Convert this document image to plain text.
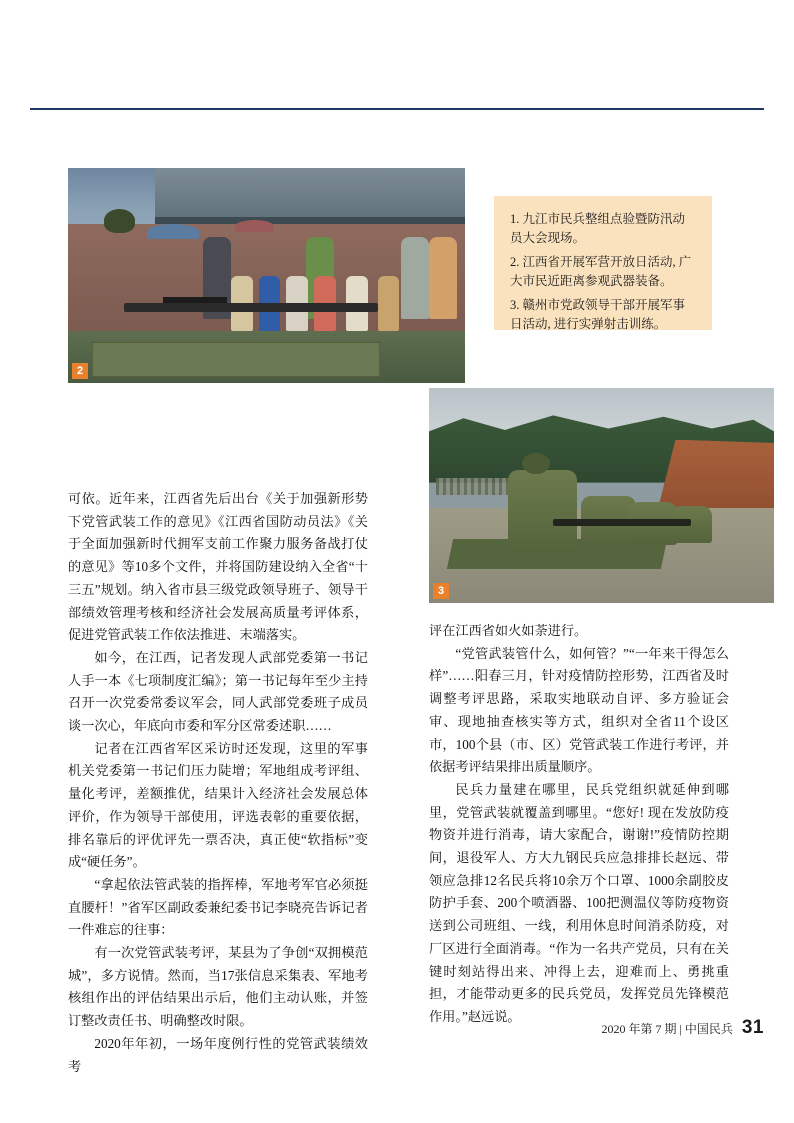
2

1. 九江市民兵整组点验暨防汛动员大会现场。

2. 江西省开展军营开放日活动, 广大市民近距离参观武器装备。

3. 赣州市党政领导干部开展军事日活动, 进行实弹射击训练。

3

可依。近年来，江西省先后出台《关于加强新形势下党管武装工作的意见》《江西省国防动员法》《关于全面加强新时代拥军支前工作聚力服务备战打仗的意见》等10多个文件，并将国防建设纳入全省“十三五”规划。纳入省市县三级党政领导班子、领导干部绩效管理考核和经济社会发展高质量考评体系，促进党管武装工作依法推进、末端落实。

如今，在江西，记者发现人武部党委第一书记人手一本《七项制度汇编》；第一书记每年至少主持召开一次党委常委议军会，同人武部党委班子成员谈一次心，年底向市委和军分区常委述职……

记者在江西省军区采访时还发现，这里的军事机关党委第一书记们压力陡增；军地组成考评组、量化考评，差额推优，结果计入经济社会发展总体评价，作为领导干部使用，评选表彰的重要依据，排名靠后的评优评先一票否决，真正使“软指标”变成“硬任务”。

“拿起依法管武装的指挥棒，军地考军官必须挺直腰杆！”省军区副政委兼纪委书记李晓亮告诉记者一件难忘的往事：

有一次党管武装考评，某县为了争创“双拥模范城”，多方说情。然而，当17张信息采集表、军地考核组作出的评估结果出示后，他们主动认账，并签订整改责任书、明确整改时限。

2020年年初，一场年度例行性的党管武装绩效考

评在江西省如火如荼进行。

“党管武装管什么，如何管？”“一年来干得怎么样”……阳春三月，针对疫情防控形势，江西省及时调整考评思路，采取实地联动自评、多方验证会审、现地抽查核实等方式，组织对全省11个设区市，100个县（市、区）党管武装工作进行考评，并依据考评结果排出质量顺序。

民兵力量建在哪里，民兵党组织就延伸到哪里，党管武装就覆盖到哪里。“您好! 现在发放防疫物资并进行消毒，请大家配合，谢谢!”疫情防控期间，退役军人、方大九钢民兵应急排排长赵远、带领应急排12名民兵将10余万个口罩、1000余副胶皮防护手套、200个喷酒器、100把测温仪等防疫物资送到公司班组、一线，利用休息时间消杀防疫，对厂区进行全面消毒。“作为一名共产党员，只有在关键时刻站得出来、冲得上去，迎难而上、勇挑重担，才能带动更多的民兵党员，发挥党员先锋模范作用。”赵远说。

2020 年第 7 期 | 中国民兵 31
